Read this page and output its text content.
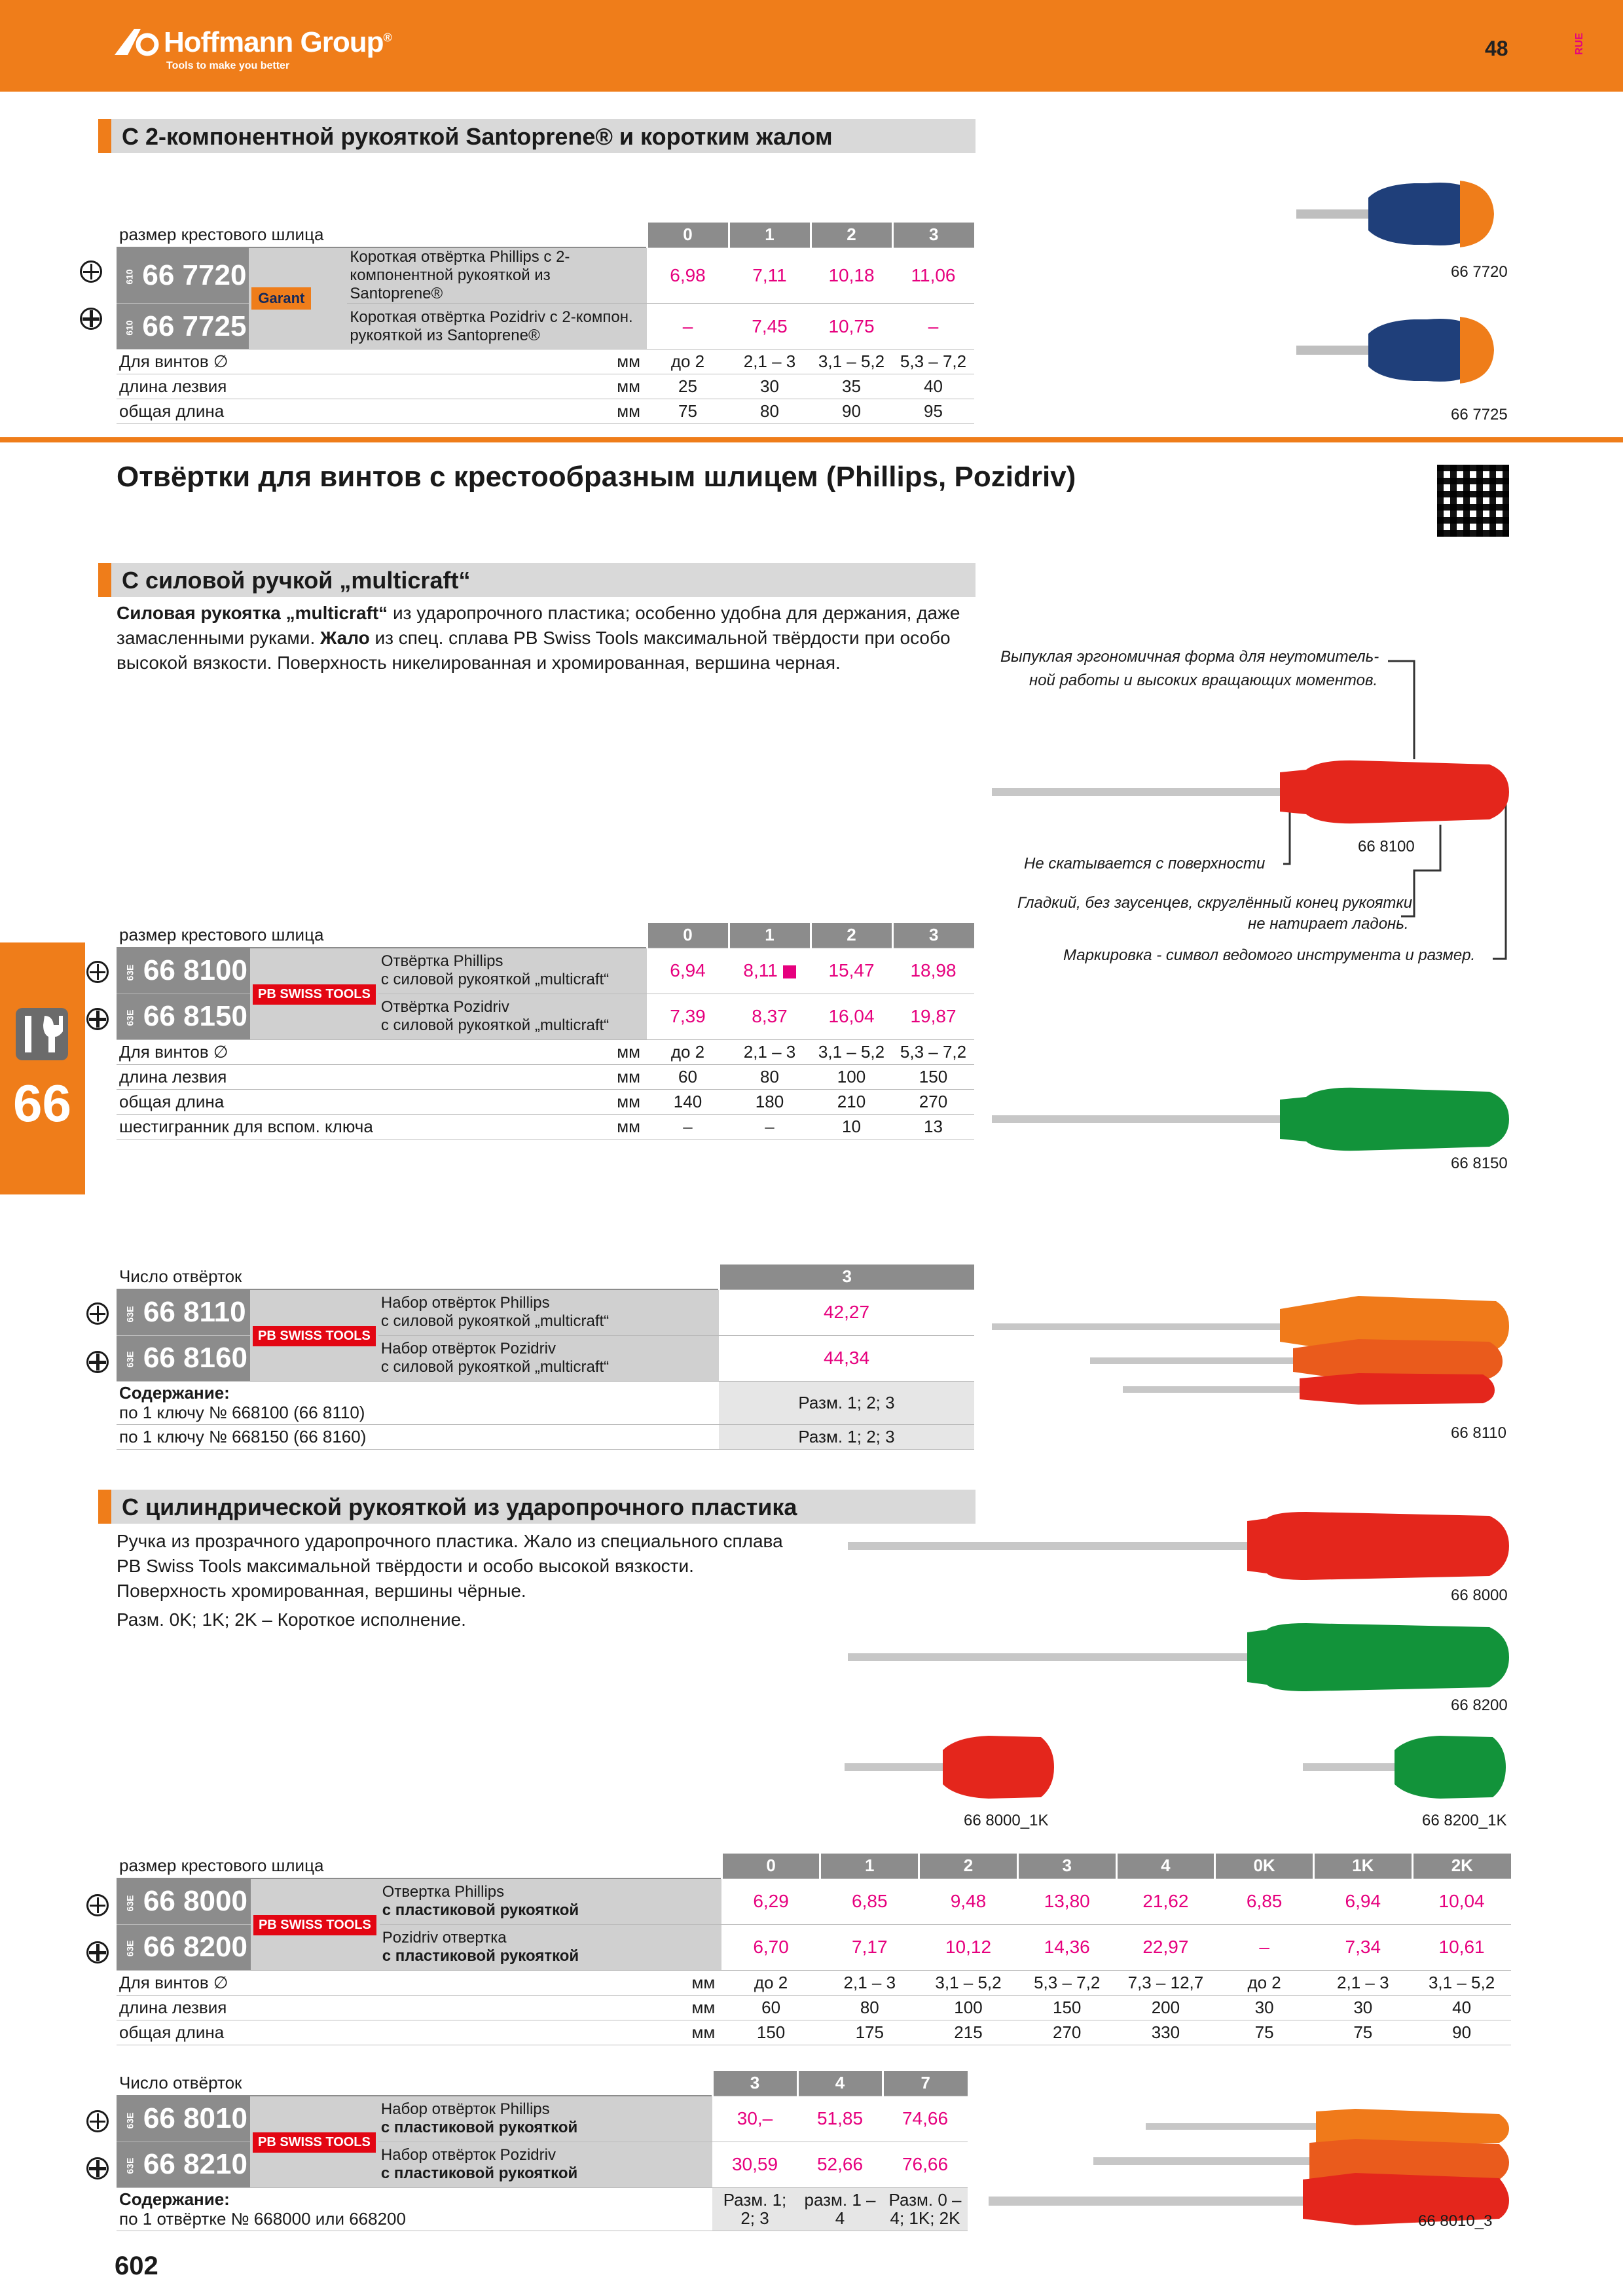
Hoffmann Group®
Tools to make you better
48	RUE
С 2-компонентной рукояткой Santoprene® и коротким жалом
размер крестового шлица			0	1	2	3
610 66 7720	Garant	Короткая отвёртка Phillips с 2-компонентной рукояткой из Santoprene®	6,98	7,11	10,18	11,06
610 66 7725		Короткая отвёртка Pozidriv с 2-компон. рукояткой из Santoprene®	–	7,45	10,75	–
Для винтов ∅		мм	до 2	2,1 – 3	3,1 – 5,2	5,3 – 7,2
длина лезвия		мм	25	30	35	40
общая длина		мм	75	80	90	95
66 7720
66 7725
Отвёртки для винтов с крестообразным шлицем (Phillips, Pozidriv)
С силовой ручкой „multicraft“
Силовая рукоятка „multicraft“ из ударопрочного пластика; особенно удобна для держания, даже замасленными руками. Жало из спец. сплава PB Swiss Tools максимальной твёрдости при особо высокой вязкости. Поверхность никелированная и хромированная, вершина черная.	Выпуклая эргономичная форма для неутомитель-
ной работы и высоких вращающих моментов.
Не скатывается с поверхности
Гладкий, без заусенцев, скруглённый конец рукоятки
не натирает ладонь.
Маркировка - символ ведомого инструмента и размер.
66 8100
размер крестового шлица			0	1	2	3
63E 66 8100	PB SWISS TOOLS	Отвёртка Phillips
с силовой рукояткой „multicraft“	6,94	8,11	15,47	18,98
63E 66 8150		Отвёртка Pozidriv
с силовой рукояткой „multicraft“	7,39	8,37	16,04	19,87
Для винтов ∅		мм	до 2	2,1 – 3	3,1 – 5,2	5,3 – 7,2
длина лезвия		мм	60	80	100	150
общая длина		мм	140	180	210	270
шестигранник для вспом. ключа		мм	–	–	10	13
66 8150
Число отвёрток			3
63E 66 8110	PB SWISS TOOLS	Набор отвёрток Phillips
с силовой рукояткой „multicraft“	42,27
63E 66 8160		Набор отвёрток Pozidriv
с силовой рукояткой „multicraft“	44,34
Содержание:
по 1 ключу № 668100 (66 8110)			Разм. 1; 2; 3
по 1 ключу № 668150 (66 8160)			Разм. 1; 2; 3	66 8110
С цилиндрической рукояткой из ударопрочного пластика
Ручка из прозрачного ударопрочного пластика. Жало из специального сплава PB Swiss Tools максимальной твёрдости и особо высокой вязкости. Поверхность хромированная, вершины чёрные.
Разм. 0K; 1K; 2K – Короткое исполнение.
66 8000
66 8200
66 8000_1K	66 8200_1K
размер крестового шлица			0	1	2	3	4	0K	1K	2K
63E 66 8000	PB SWISS TOOLS	Отвертка Phillips
с пластиковой рукояткой	6,29	6,85	9,48	13,80	21,62	6,85	6,94	10,04
63E 66 8200		Pozidriv отвертка
с пластиковой рукояткой	6,70	7,17	10,12	14,36	22,97	–	7,34	10,61
Для винтов ∅		мм	до 2	2,1 – 3	3,1 – 5,2	5,3 – 7,2	7,3 – 12,7	до 2	2,1 – 3	3,1 – 5,2
длина лезвия		мм	60	80	100	150	200	30	30	40
общая длина		мм	150	175	215	270	330	75	75	90
Число отвёрток			3	4	7
63E 66 8010	PB SWISS TOOLS	Набор отвёрток Phillips
с пластиковой рукояткой	30,–	51,85	74,66
63E 66 8210		Набор отвёрток Pozidriv
с пластиковой рукояткой	30,59	52,66	76,66
Содержание:
по 1 отвёртке № 668000 или 668200			Разм. 1; 2; 3	разм. 1 – 4	Разм. 0 – 4; 1K; 2K	66 8010_3
66
602
